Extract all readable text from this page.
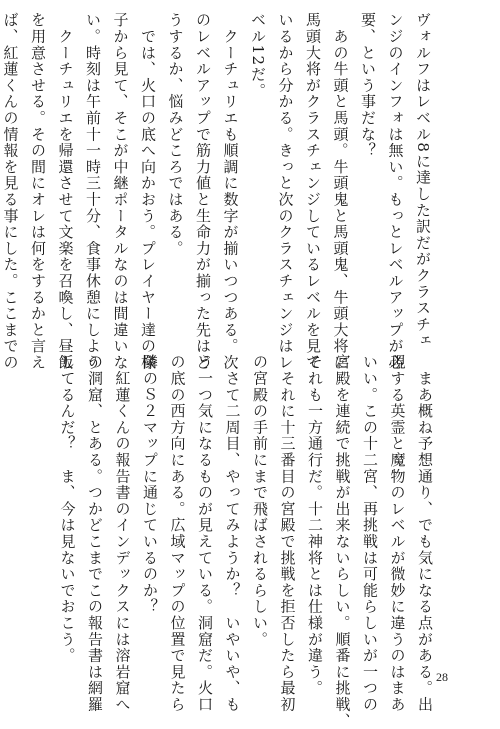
ヴォルフはレベル8に達した訳だがクラスチェ
ンジのインフォは無い。もっとレベルアップが必
要、という事だな？
　あの牛頭と馬頭。牛頭鬼と馬頭鬼、牛頭大将に
馬頭大将がクラスチェンジしているレベルを見て
いるから分かる。きっと次のクラスチェンジはレ
ベル12だ。
　クーチュリエも順調に数字が揃いつつある。次
のレベルアップで筋力値と生命力が揃った先はど
うするか、悩みどころではある。
　では、火口の底へ向かおう。プレイヤー達の様
子から見て、そこが中継ポータルなのは間違いな
い。時刻は午前十一時三十分、食事休憩にしよう。
　クーチュリエを帰還させて文楽を召喚し、昼飯
を用意させる。その間にオレは何をするかと言え
ば、紅蓮くんの情報を見る事にした。ここまでの
　まあ概ね予想通り、でも気になる点がある。出
現する英霊と魔物のレベルが微妙に違うのはまあ
いい。この十二宮、再挑戦は可能らしいが一つの
宮殿を連続で挑戦が出来ないらしい。順番に挑戦、
それも一方通行だ。十二神将とは仕様が違う。
　それに十三番目の宮殿で挑戦を拒否したら最初
の宮殿の手前にまで飛ばされるらしい。
　さて二周目、やってみようか？　いやいや、も
う一つ気になるものが見えている。洞窟だ。火口
の底の西方向にある。広域マップの位置で見たら
隣のＳ２マップに通じているのか？
　紅蓮くんの報告書のインデックスには溶岩窟へ
の洞窟、とある。つかどこまでこの報告書は網羅
してるんだ？　ま、今は見ないでおこう。
28
